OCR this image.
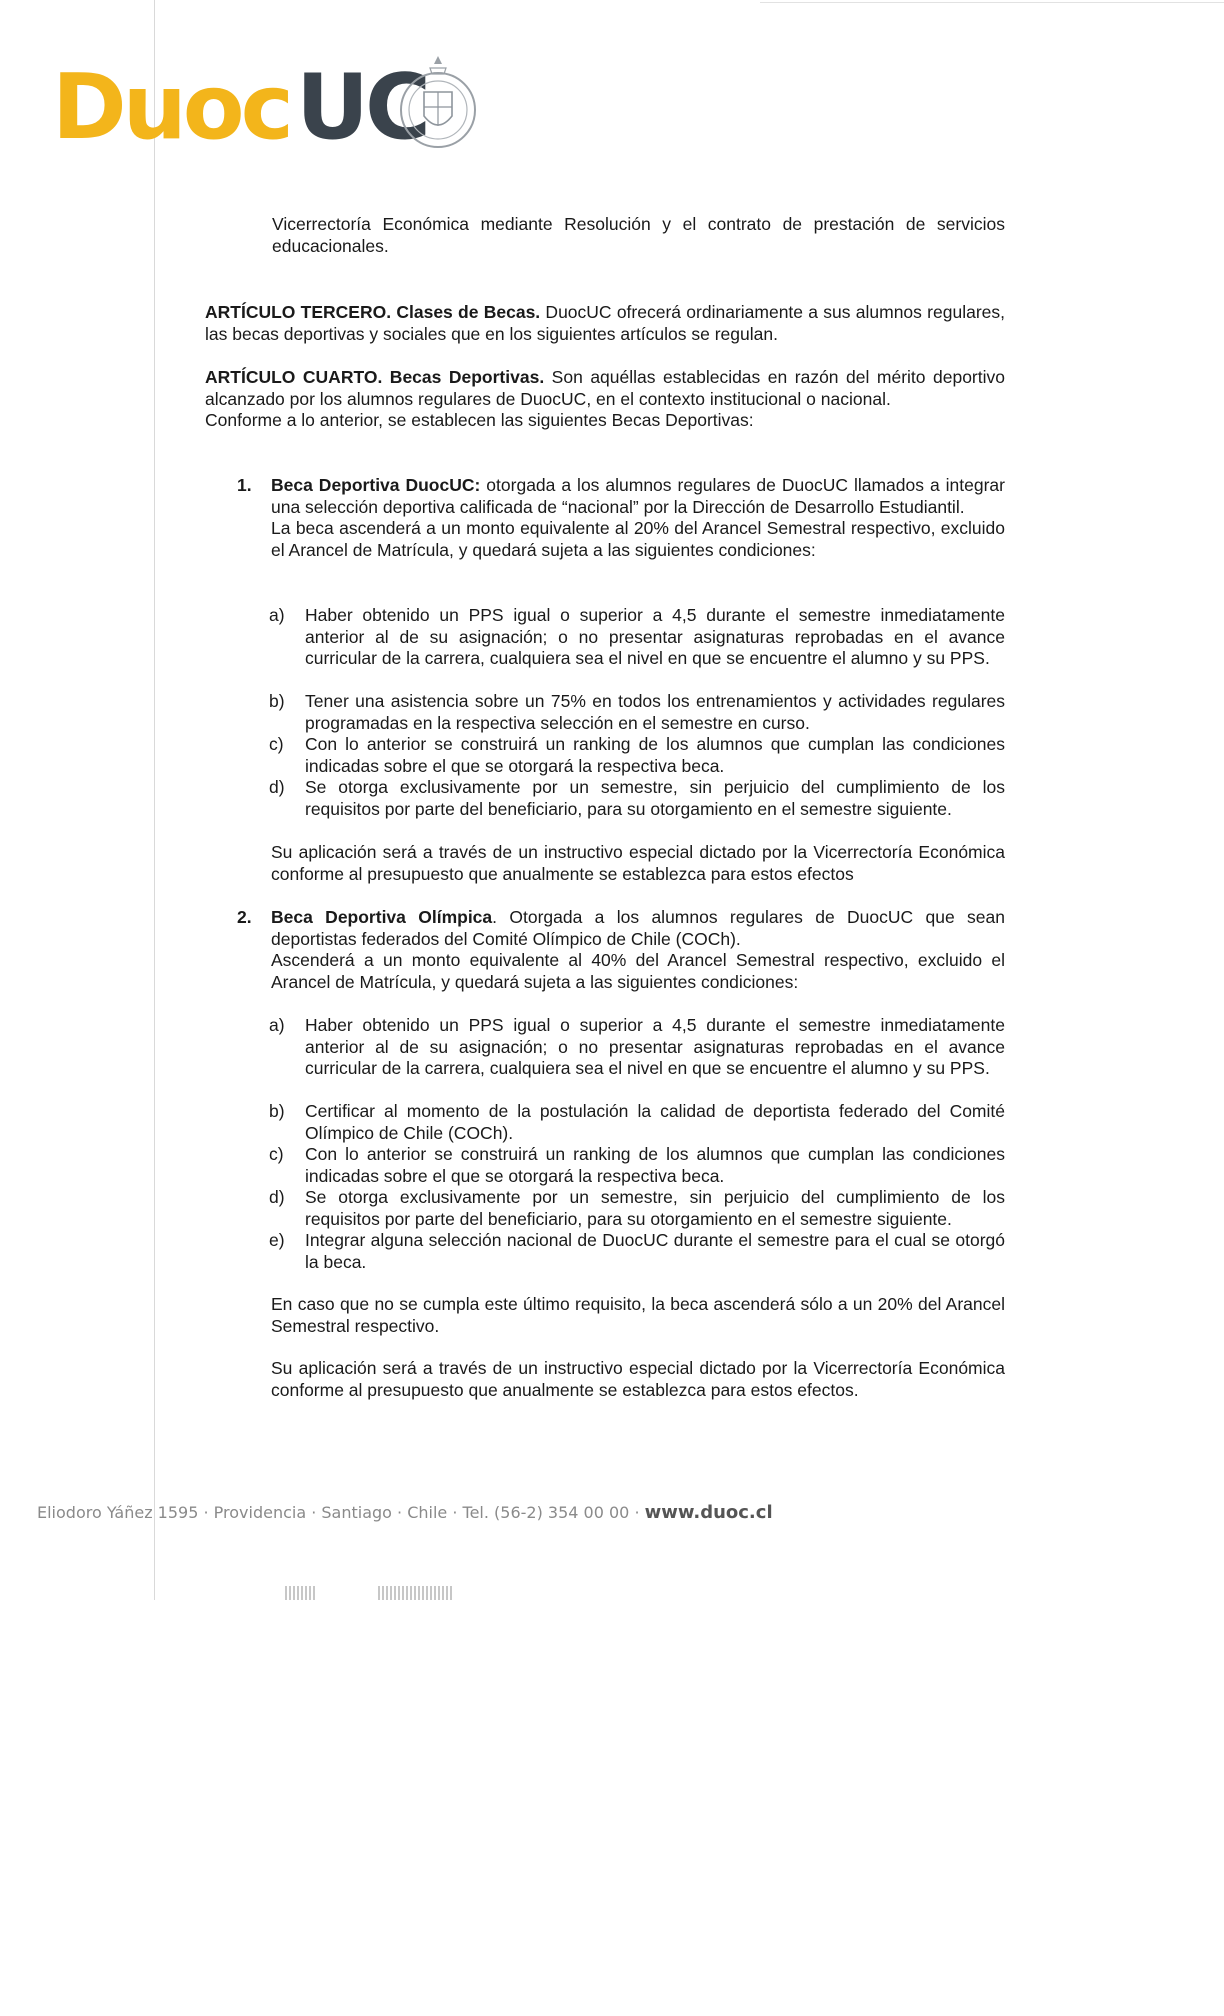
Duoc UC

Vicerrectoría Económica mediante Resolución y el contrato de prestación de servicios educacionales.

ARTÍCULO TERCERO. Clases de Becas. DuocUC ofrecerá ordinariamente a sus alumnos regulares, las becas deportivas y sociales que en los siguientes artículos se regulan.

ARTÍCULO CUARTO. Becas Deportivas. Son aquéllas establecidas en razón del mérito deportivo alcanzado por los alumnos regulares de DuocUC, en el contexto institucional o nacional.

Conforme a lo anterior, se establecen las siguientes Becas Deportivas:

1. Beca Deportiva DuocUC: otorgada a los alumnos regulares de DuocUC llamados a integrar una selección deportiva calificada de “nacional” por la Dirección de Desarrollo Estudiantil.

La beca ascenderá a un monto equivalente al 20% del Arancel Semestral respectivo, excluido el Arancel de Matrícula, y quedará sujeta a las siguientes condiciones:

a) Haber obtenido un PPS igual o superior a 4,5 durante el semestre inmediatamente anterior al de su asignación; o no presentar asignaturas reprobadas en el avance curricular de la carrera, cualquiera sea el nivel en que se encuentre el alumno y su PPS.
b) Tener una asistencia sobre un 75% en todos los entrenamientos y actividades regulares programadas en la respectiva selección en el semestre en curso.
c) Con lo anterior se construirá un ranking de los alumnos que cumplan las condiciones indicadas sobre el que se otorgará la respectiva beca.
d) Se otorga exclusivamente por un semestre, sin perjuicio del cumplimiento de los requisitos por parte del beneficiario, para su otorgamiento en el semestre siguiente.

Su aplicación será a través de un instructivo especial dictado por la Vicerrectoría Económica conforme al presupuesto que anualmente se establezca para estos efectos

2. Beca Deportiva Olímpica. Otorgada a los alumnos regulares de DuocUC que sean deportistas federados del Comité Olímpico de Chile (COCh).

Ascenderá a un monto equivalente al 40% del Arancel Semestral respectivo, excluido el Arancel de Matrícula, y quedará sujeta a las siguientes condiciones:

a) Haber obtenido un PPS igual o superior a 4,5 durante el semestre inmediatamente anterior al de su asignación; o no presentar asignaturas reprobadas en el avance curricular de la carrera, cualquiera sea el nivel en que se encuentre el alumno y su PPS.
b) Certificar al momento de la postulación la calidad de deportista federado del Comité Olímpico de Chile (COCh).
c) Con lo anterior se construirá un ranking de los alumnos que cumplan las condiciones indicadas sobre el que se otorgará la respectiva beca.
d) Se otorga exclusivamente por un semestre, sin perjuicio del cumplimiento de los requisitos por parte del beneficiario, para su otorgamiento en el semestre siguiente.
e) Integrar alguna selección nacional de DuocUC durante el semestre para el cual se otorgó la beca.

En caso que no se cumpla este último requisito, la beca ascenderá sólo a un 20% del Arancel Semestral respectivo.

Su aplicación será a través de un instructivo especial dictado por la Vicerrectoría Económica conforme al presupuesto que anualmente se establezca para estos efectos.

Eliodoro Yáñez 1595 · Providencia · Santiago · Chile · Tel. (56-2) 354 00 00 · www.duoc.cl
